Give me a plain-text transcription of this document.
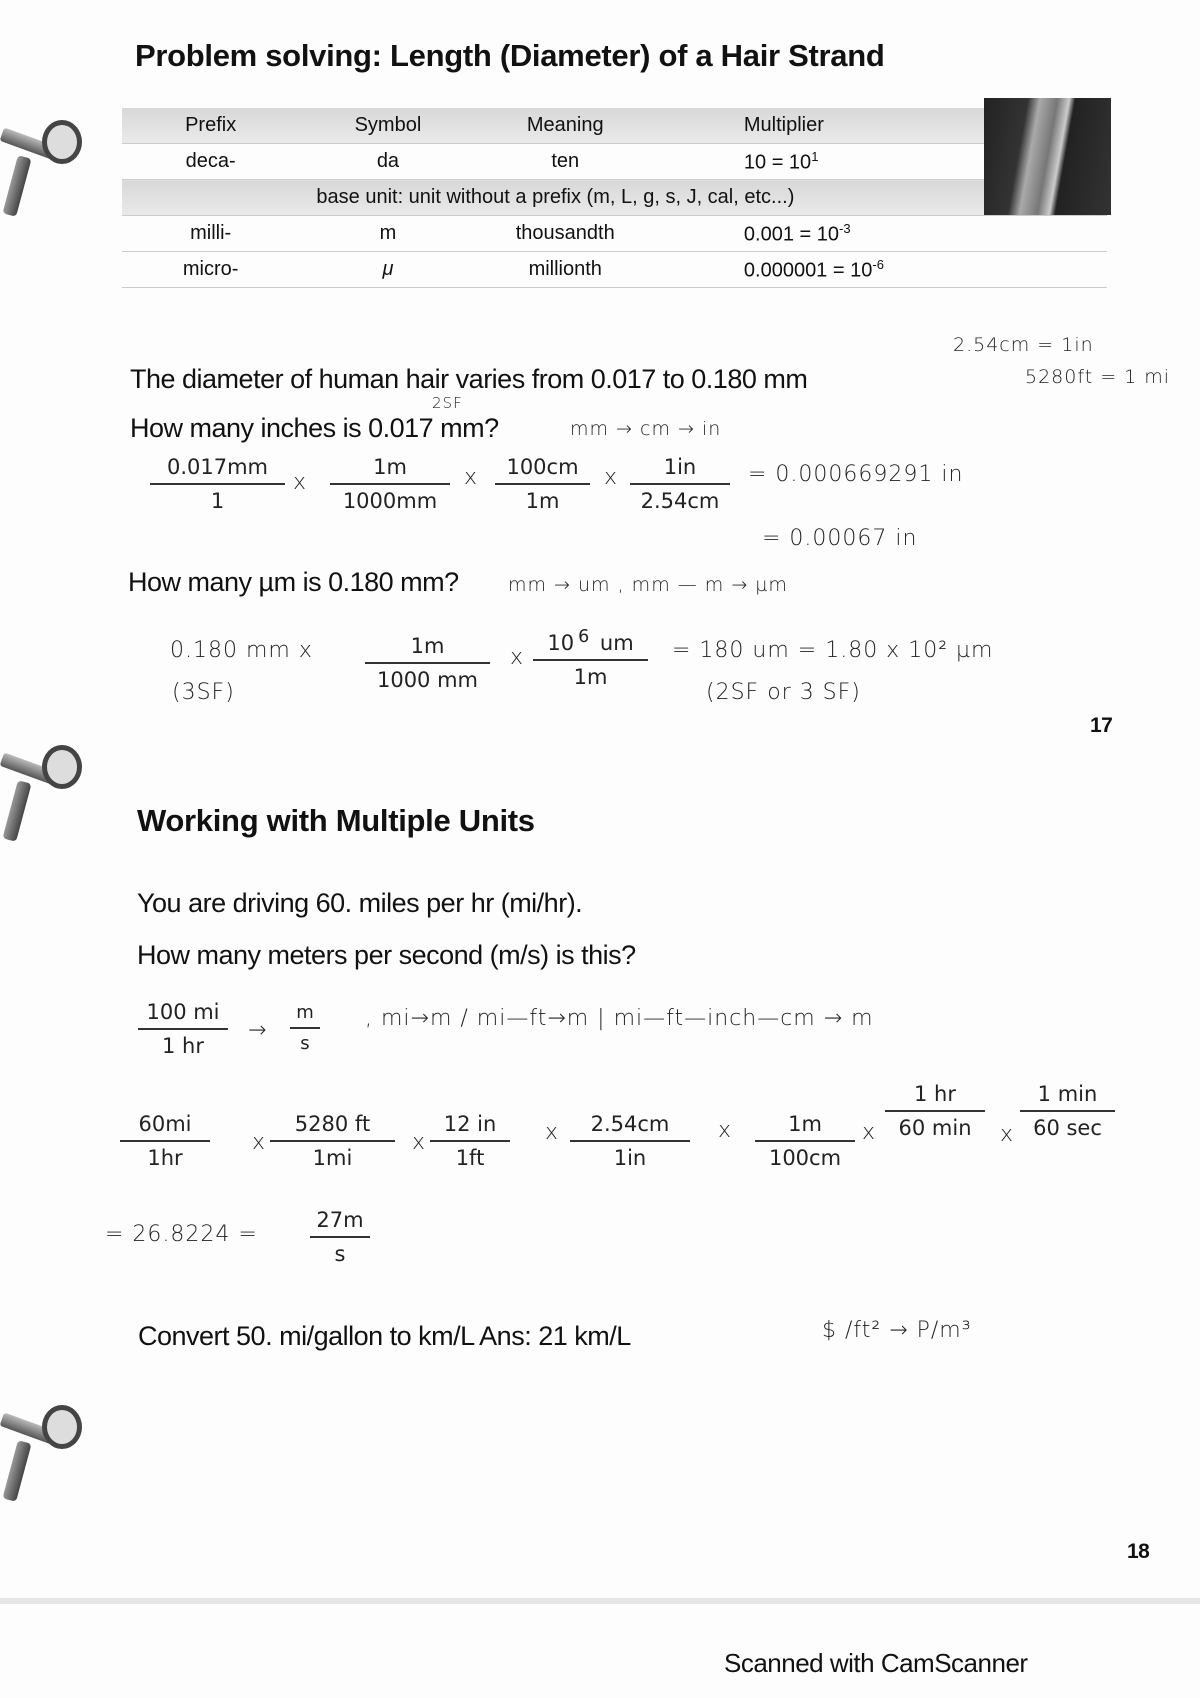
Problem solving: Length (Diameter) of a Hair Strand
Prefix	Symbol	Meaning	Multiplier	
deca-	da	ten	$10 = 10^1$	
base unit: unit without a prefix (m, L, g, s, J, cal, etc...)				
milli-	m	thousandth	$0.001 = 10^{-3}$	
micro-	μ	millionth	$0.000001 = 10^{-6}$	
2.54cm = 1in
5280ft = 1 mi
The diameter of human hair varies from 0.017 to 0.180 mm
2SF
How many inches is 0.017 mm?	mm → cm → in
0.017mm
1
x
1m
1000mm
x 100cm
1m
x 1in
2.54cm
= 0.000669291 in
= 0.00067 in
How many µm is 0.180 mm?	mm → um , mm — m → µm
0.180 mm x
(3SF)
1m
1000 mm
x
10 $^6$ um
1m
= 180 um = 1.80 x 10² µm
(2SF or 3 SF)
17
Working with Multiple Units
You are driving 60. miles per hr (mi/hr).
How many meters per second (m/s) is this?
100 mi
1 hr
→
m
s
, mi→m / mi—ft→m | mi—ft—inch—cm → m
60mi
1hr
x
5280 ft
1mi
x
12 in
1ft
x 2.54cm
1in
x	1m
100cm
x
1 hr
60 min x
1 min
60 sec
= 26.8224 =
27m
s
Convert 50. mi/gallon to km/L Ans: 21 km/L	$ /ft² → P/m³
18
Scanned with CamScanner
